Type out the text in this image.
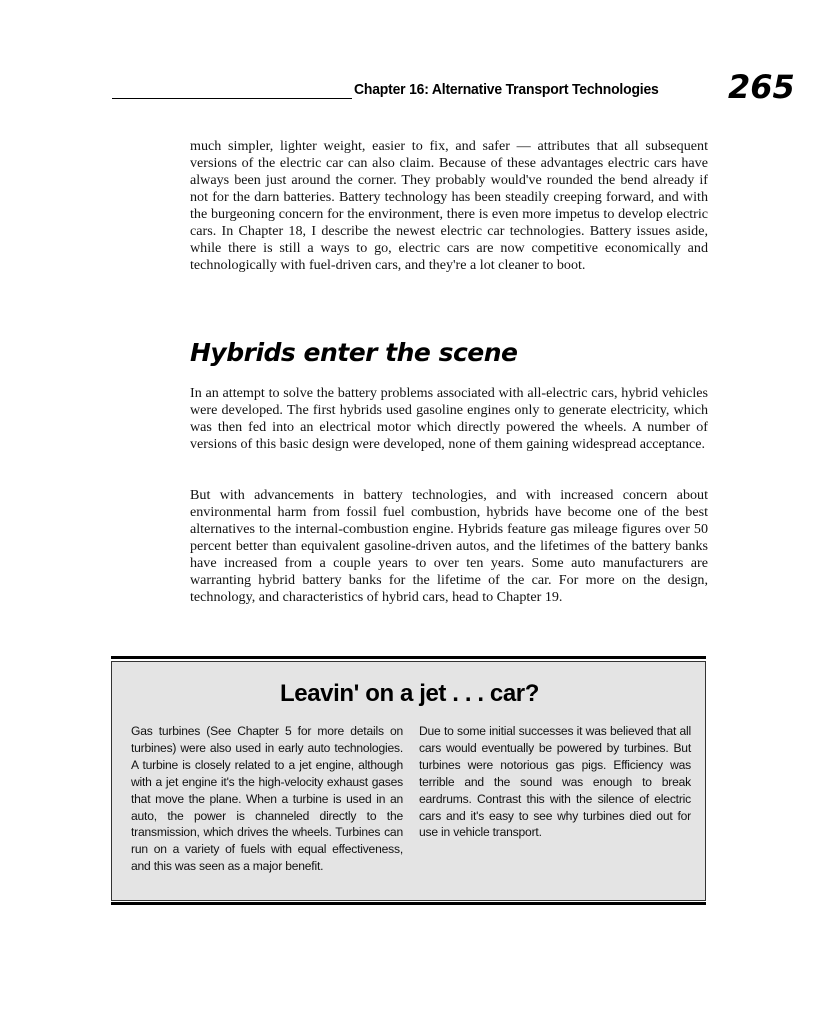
Chapter 16: Alternative Transport Technologies 265

much simpler, lighter weight, easier to fix, and safer — attributes that all subsequent versions of the electric car can also claim. Because of these advantages electric cars have always been just around the corner. They probably would've rounded the bend already if not for the darn batteries. Battery technology has been steadily creeping forward, and with the burgeoning concern for the environment, there is even more impetus to develop electric cars. In Chapter 18, I describe the newest electric car technologies. Battery issues aside, while there is still a ways to go, electric cars are now competitive economically and technologically with fuel-driven cars, and they're a lot cleaner to boot.

Hybrids enter the scene

In an attempt to solve the battery problems associated with all-electric cars, hybrid vehicles were developed. The first hybrids used gasoline engines only to generate electricity, which was then fed into an electrical motor which directly powered the wheels. A number of versions of this basic design were developed, none of them gaining widespread acceptance.

But with advancements in battery technologies, and with increased concern about environmental harm from fossil fuel combustion, hybrids have become one of the best alternatives to the internal-combustion engine. Hybrids feature gas mileage figures over 50 percent better than equivalent gasoline-driven autos, and the lifetimes of the battery banks have increased from a couple years to over ten years. Some auto manufacturers are warranting hybrid battery banks for the lifetime of the car. For more on the design, technology, and characteristics of hybrid cars, head to Chapter 19.

Leavin' on a jet . . . car?

Gas turbines (See Chapter 5 for more details on turbines) were also used in early auto technologies. A turbine is closely related to a jet engine, although with a jet engine it's the high-velocity exhaust gases that move the plane. When a turbine is used in an auto, the power is channeled directly to the transmission, which drives the wheels. Turbines can run on a variety of fuels with equal effectiveness, and this was seen as a major benefit.

Due to some initial successes it was believed that all cars would eventually be powered by turbines. But turbines were notorious gas pigs. Efficiency was terrible and the sound was enough to break eardrums. Contrast this with the silence of electric cars and it's easy to see why turbines died out for use in vehicle transport.
